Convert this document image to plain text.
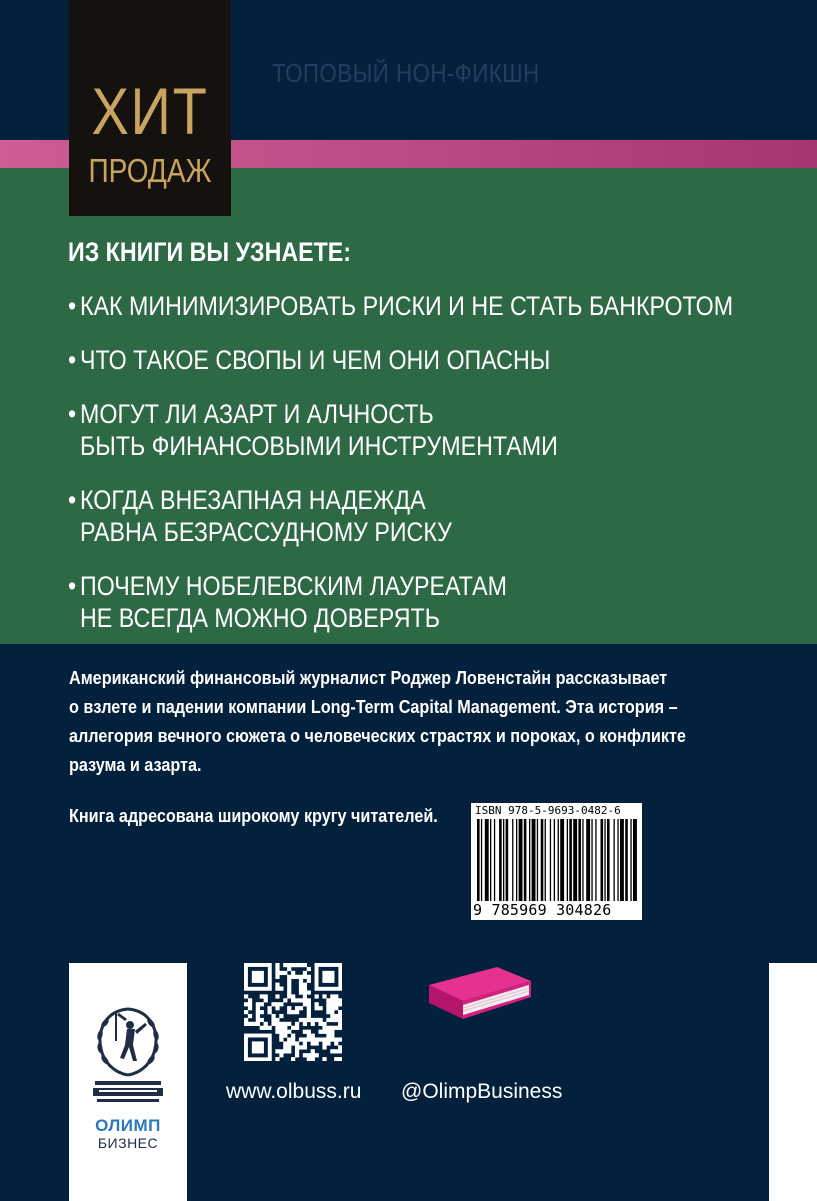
ТОПОВЫЙ НОН-ФИКШН
ХИТ
ПРОДАЖ
ИЗ КНИГИ ВЫ УЗНАЕТЕ:
• КАК МИНИМИЗИРОВАТЬ РИСКИ И НЕ СТАТЬ БАНКРОТОМ
• ЧТО ТАКОЕ СВОПЫ И ЧЕМ ОНИ ОПАСНЫ
• МОГУТ ЛИ АЗАРТ И АЛЧНОСТЬ
БЫТЬ ФИНАНСОВЫМИ ИНСТРУМЕНТАМИ
• КОГДА ВНЕЗАПНАЯ НАДЕЖДА
РАВНА БЕЗРАССУДНОМУ РИСКУ
• ПОЧЕМУ НОБЕЛЕВСКИМ ЛАУРЕАТАМ
НЕ ВСЕГДА МОЖНО ДОВЕРЯТЬ

Американский финансовый журналист Роджер Ловенстайн рассказывает

о взлете и падении компании Long-Term Capital Management. Эта история –

аллегория вечного сюжета о человеческих страстях и пороках, о конфликте

разума и азарта.

Книга адресована широкому кругу читателей.	ISBN 978-5-9693-0482-6
9 785969 304826
ОЛИМП
БИЗНЕС
www.olbuss.ru @OlimpBusiness
